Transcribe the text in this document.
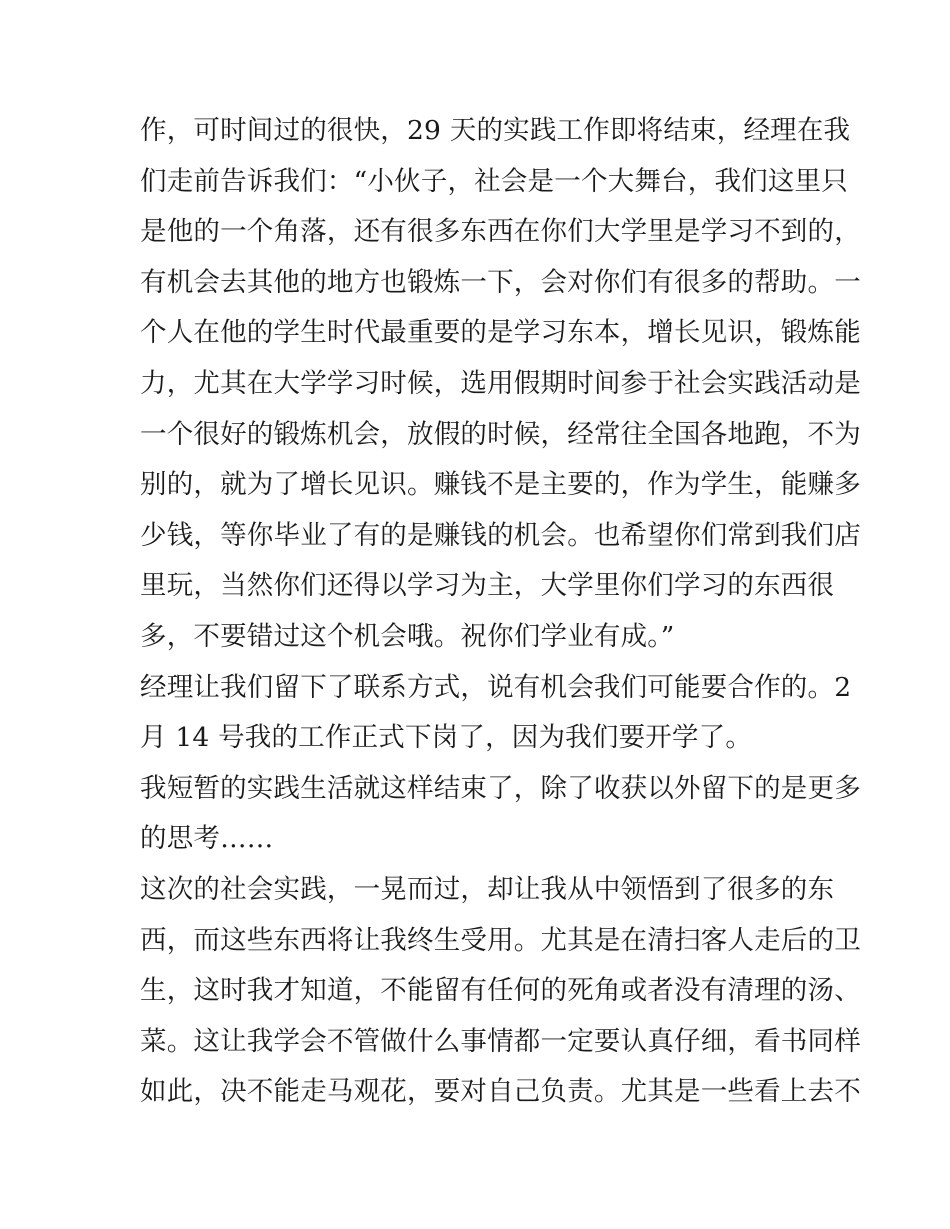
作，可时间过的很快，29 天的实践工作即将结束，经理在我
们走前告诉我们：“小伙子，社会是一个大舞台，我们这里只
是他的一个角落，还有很多东西在你们大学里是学习不到的，
有机会去其他的地方也锻炼一下，会对你们有很多的帮助。一
个人在他的学生时代最重要的是学习东本，增长见识，锻炼能
力，尤其在大学学习时候，选用假期时间参于社会实践活动是
一个很好的锻炼机会，放假的时候，经常往全国各地跑，不为
别的，就为了增长见识。赚钱不是主要的，作为学生，能赚多
少钱，等你毕业了有的是赚钱的机会。也希望你们常到我们店
里玩，当然你们还得以学习为主，大学里你们学习的东西很
多，不要错过这个机会哦。祝你们学业有成。”
经理让我们留下了联系方式，说有机会我们可能要合作的。2
月 14 号我的工作正式下岗了，因为我们要开学了。
我短暂的实践生活就这样结束了，除了收获以外留下的是更多
的思考……
这次的社会实践，一晃而过，却让我从中领悟到了很多的东
西，而这些东西将让我终生受用。尤其是在清扫客人走后的卫
生，这时我才知道，不能留有任何的死角或者没有清理的汤、
菜。这让我学会不管做什么事情都一定要认真仔细，看书同样
如此，决不能走马观花，要对自己负责。尤其是一些看上去不
